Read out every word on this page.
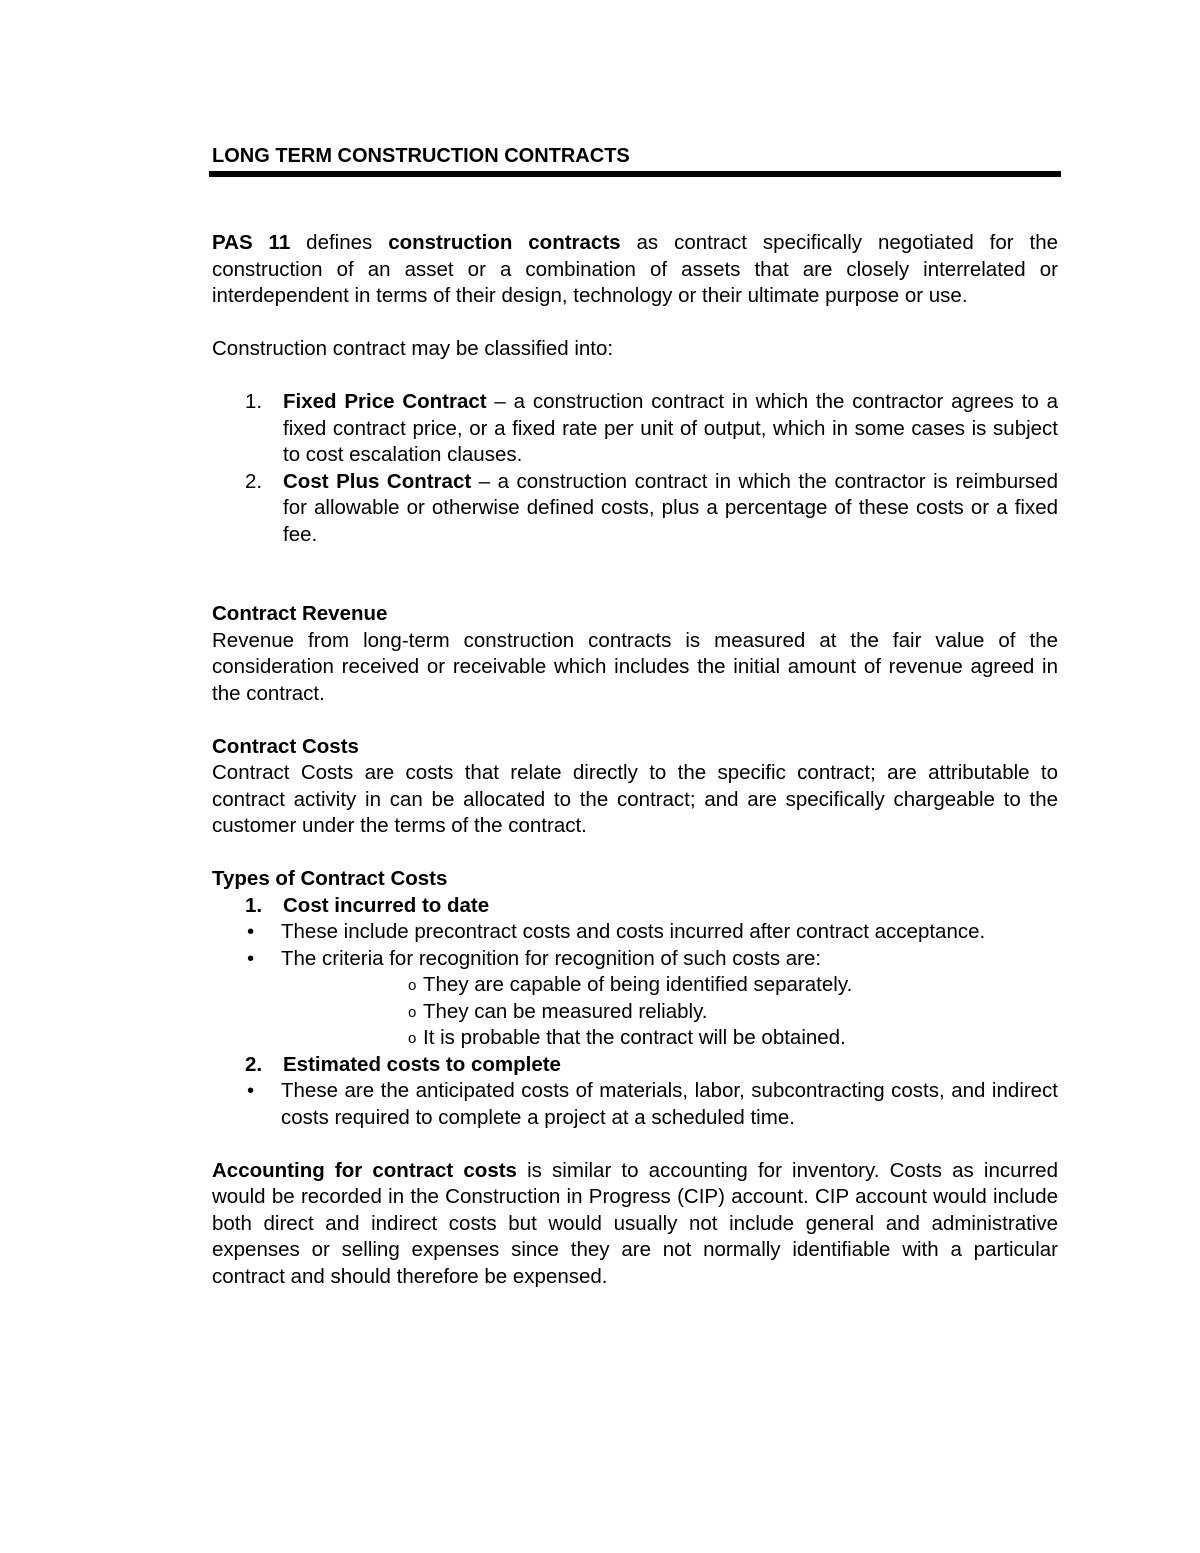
LONG TERM CONSTRUCTION CONTRACTS

PAS 11 defines construction contracts as contract specifically negotiated for the construction of an asset or a combination of assets that are closely interrelated or interdependent in terms of their design, technology or their ultimate purpose or use.

Construction contract may be classified into:

1. Fixed Price Contract – a construction contract in which the contractor agrees to a fixed contract price, or a fixed rate per unit of output, which in some cases is subject to cost escalation clauses.
2. Cost Plus Contract – a construction contract in which the contractor is reimbursed for allowable or otherwise defined costs, plus a percentage of these costs or a fixed fee.

Contract Revenue

Revenue from long-term construction contracts is measured at the fair value of the consideration received or receivable which includes the initial amount of revenue agreed in the contract.

Contract Costs

Contract Costs are costs that relate directly to the specific contract; are attributable to contract activity in can be allocated to the contract; and are specifically chargeable to the customer under the terms of the contract.

Types of Contract Costs

1. Cost incurred to date
• These include precontract costs and costs incurred after contract acceptance.
• The criteria for recognition for recognition of such costs are:
o They are capable of being identified separately.
o They can be measured reliably.
o It is probable that the contract will be obtained.
2. Estimated costs to complete
• These are the anticipated costs of materials, labor, subcontracting costs, and indirect costs required to complete a project at a scheduled time.

Accounting for contract costs is similar to accounting for inventory. Costs as incurred would be recorded in the Construction in Progress (CIP) account. CIP account would include both direct and indirect costs but would usually not include general and administrative expenses or selling expenses since they are not normally identifiable with a particular contract and should therefore be expensed.
